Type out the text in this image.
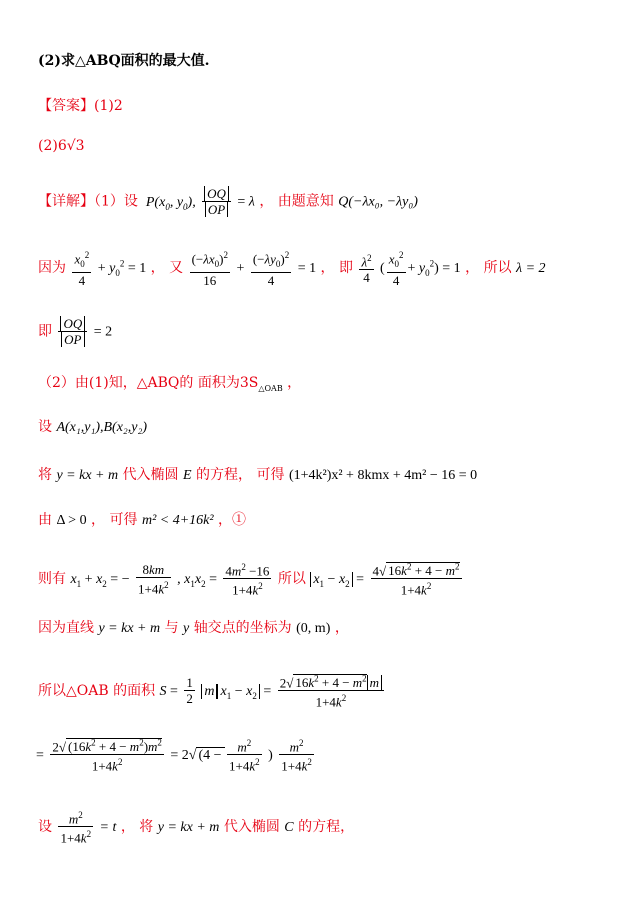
(2)求△ABQ面积的最大值.
【答案】(1)2
(2)6√3
【详解】（1）设  $P(x_0$, $y_0$), $\frac{OQ}{OP} = \lambda$ ， 由题意知 Q(−λx₀, −λy₀)
因为 $\frac{x_0^2}{4} + y_0^2 = 1$ ， 又 $\frac{(-\lambda x_0)^2}{16} + \frac{(-\lambda y_0)^2}{4} = 1$ ， 即 $\frac{\lambda^2}{4}$ ( $\frac{x_0^2}{4} + y_0^2) = 1$ ， 所以 λ = 2
即 $\frac{OQ}{OP} = 2$
（2）由(1)知，△ABQ的 面积为$3S_{\triangle OAB}$ ，
设 A(x₁,y₁),B(x₂,y₂)
将 y = kx + m 代入椭圆 E 的方程， 可得 (1+4k²)x² + 8kmx + 4m² − 16 = 0
由 Δ > 0 ， 可得 m² < 4+16k² ，①
则有 $x_1 + x_2$ = − $\frac{8km}{1+4k^2}$ , $x_1x_2 = \frac{4m^2 -16}{1+4k^2}$ 所以 $x_1 - x_2 = \frac{4√ 16k^2 + 4 - m^2}{1+4k^2}$
因为直线 y = kx + m 与 y 轴交点的坐标为 (0, m) ，
所以△OAB 的面积 $S = \frac{1}{2}$ m $x_1 - x_2 = \frac{2√ 16k^2 + 4 - m^2 m}{1+4k^2}$
= $\frac{2√ (16k^2 + 4 - m^2)m^2}{1+4k^2} = 2√$ ($4 - \frac{m^2}{1+4k^2}$ ) $\frac{m^2}{1+4k^2}$
设 $\frac{m^2}{1+4k^2} = t$ ， 将 y = kx + m 代入椭圆 C 的方程，
